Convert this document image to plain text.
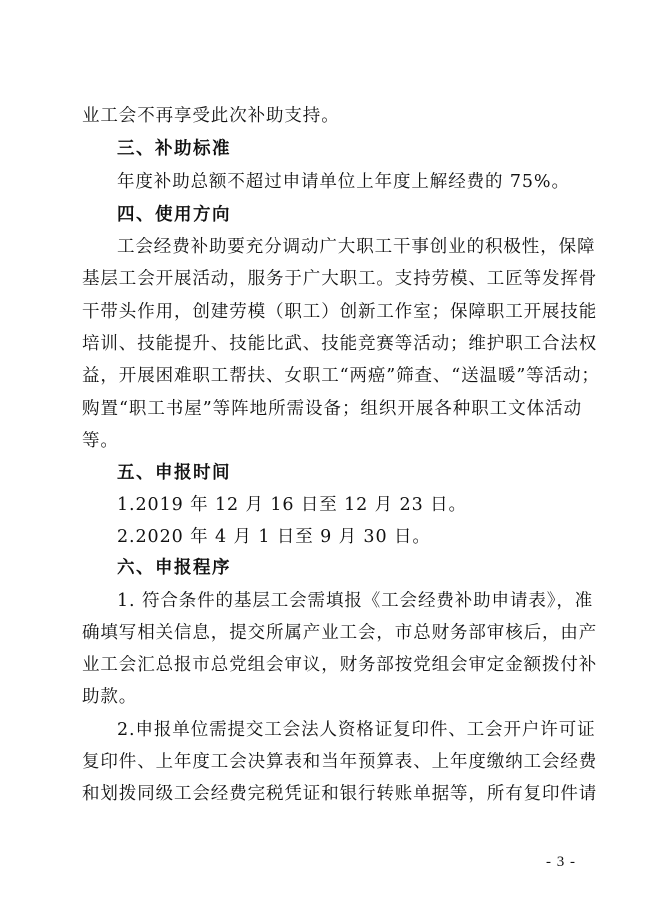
业工会不再享受此次补助支持。
三、补助标准
年度补助总额不超过申请单位上年度上解经费的 75%。
四、使用方向
工会经费补助要充分调动广大职工干事创业的积极性，保障
基层工会开展活动，服务于广大职工。支持劳模、工匠等发挥骨
干带头作用，创建劳模（职工）创新工作室；保障职工开展技能
培训、技能提升、技能比武、技能竞赛等活动；维护职工合法权
益，开展困难职工帮扶、女职工“两癌”筛查、“送温暖”等活动；
购置“职工书屋”等阵地所需设备；组织开展各种职工文体活动
等。
五、申报时间
1.2019 年 12 月 16 日至 12 月 23 日。
2.2020 年 4 月 1 日至 9 月 30 日。
六、申报程序
1. 符合条件的基层工会需填报《工会经费补助申请表》，准
确填写相关信息，提交所属产业工会，市总财务部审核后，由产
业工会汇总报市总党组会审议，财务部按党组会审定金额拨付补
助款。
2.申报单位需提交工会法人资格证复印件、工会开户许可证
复印件、上年度工会决算表和当年预算表、上年度缴纳工会经费
和划拨同级工会经费完税凭证和银行转账单据等，所有复印件请
- 3 -
